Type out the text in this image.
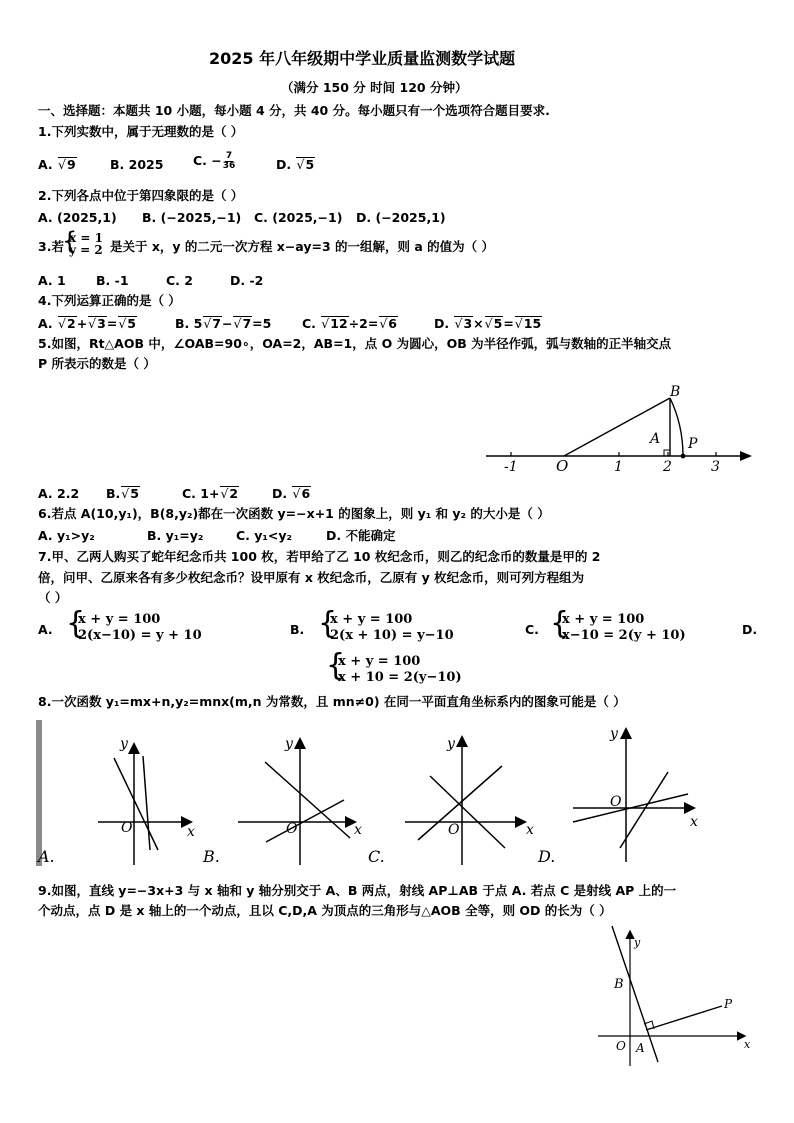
2025 年八年级期中学业质量监测数学试题
（满分 150 分 时间 120 分钟）
一、选择题：本题共 10 小题，每小题 4 分，共 40 分。每小题只有一个选项符合题目要求.
1.下列实数中，属于无理数的是（ ）
A. √ 9	B. 2025 C. − $\frac{7}{36}$	D. √ 5
2.下列各点中位于第四象限的是（ ）
A. (2025,1) B. (−2025,−1) C. (2025,−1) D. (−2025,1)
3.若
{
x = 1
y = 2 是关于 x，y 的二元一次方程 x−ay=3 的一组解，则 a 的值为（ ）
A. 1 B. -1	C. 2	D. -2
4.下列运算正确的是（ ）
A. √ 2+ √ 3= √ 5	B. 5 √ 7− √ 7=5 C. √ 12÷2= √ 6	D. √ 3× √ 5= √ 15
5.如图，Rt△AOB 中，∠OAB=90∘，OA=2，AB=1，点 O 为圆心，OB 为半径作弧，弧与数轴的正半轴交点
P 所表示的数是（ ）
-1	O	1	2	3
A
B
P
A. 2.2 B. √ 5	C. 1+ √ 2	D. √ 6
6.若点 A(10,y₁)，B(8,y₂)都在一次函数 y=−x+1 的图象上，则 y₁ 和 y₂ 的大小是（ ）
A. y₁>y₂	B. y₁=y₂	C. y₁<y₂	D. 不能确定
7.甲、乙两人购买了蛇年纪念币共 100 枚，若甲给了乙 10 枚纪念币，则乙的纪念币的数量是甲的 2
倍，问甲、乙原来各有多少枚纪念币？设甲原有 x 枚纪念币，乙原有 y 枚纪念币，则可列方程组为
（ ）
A. {
x + y = 100
2(x−10) = y + 10	B. {
x + y = 100
2(x + 10) = y−10	C. {
x + y = 100
x−10 = 2(y + 10)	D.
{
x + y = 100
x + 10 = 2(y−10)
8.一次函数 y₁=mx+n,y₂=mnx(m,n 为常数，且 mn≠0) 在同一平面直角坐标系内的图象可能是（ ）
O	x
y
A.
O	x
y
B.
O	x
y
C.
O
x
y
D.
9.如图，直线 y=−3x+3 与 x 轴和 y 轴分别交于 A、B 两点，射线 AP⊥AB 于点 A. 若点 C 是射线 AP 上的一
个动点，点 D 是 x 轴上的一个动点，且以 C,D,A 为顶点的三角形与△AOB 全等，则 OD 的长为（ ）
y
x
B
P
O A
